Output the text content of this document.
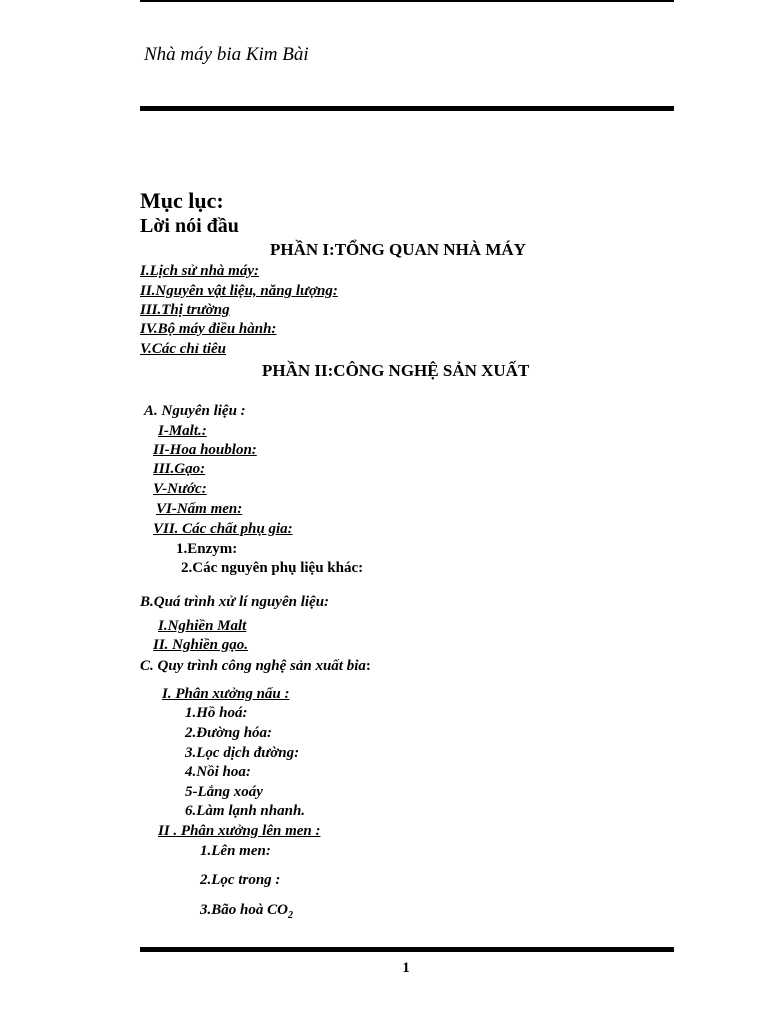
Nhà máy bia Kim Bài
Mục lục:
Lời nói đầu
PHẦN I:TỔNG QUAN NHÀ MÁY
I.Lịch sử nhà máy:
II.Nguyên vật liệu, năng lượng:
III.Thị trường
IV.Bộ máy điều hành:
V.Các chỉ tiêu
PHẦN II:CÔNG NGHỆ SẢN XUẤT
A. Nguyên liệu :
I-Malt.:
II-Hoa houblon:
III.Gạo:
V-Nước:
VI-Nấm men:
VII. Các chất phụ gia:
1.Enzym:
2.Các nguyên phụ liệu khác:
B.Quá trình xử lí nguyên liệu:
I.Nghiền Malt
II. Nghiền gạo.
C. Quy trình công nghệ sản xuất bia:
I. Phân xưởng nấu :
1.Hồ hoá:
2.Đường hóa:
3.Lọc dịch đường:
4.Nồi hoa:
5-Lắng xoáy
6.Làm lạnh nhanh.
II . Phân xưởng lên men :
1.Lên men:
2.Lọc trong :
3.Bão hoà $CO_2$
1
